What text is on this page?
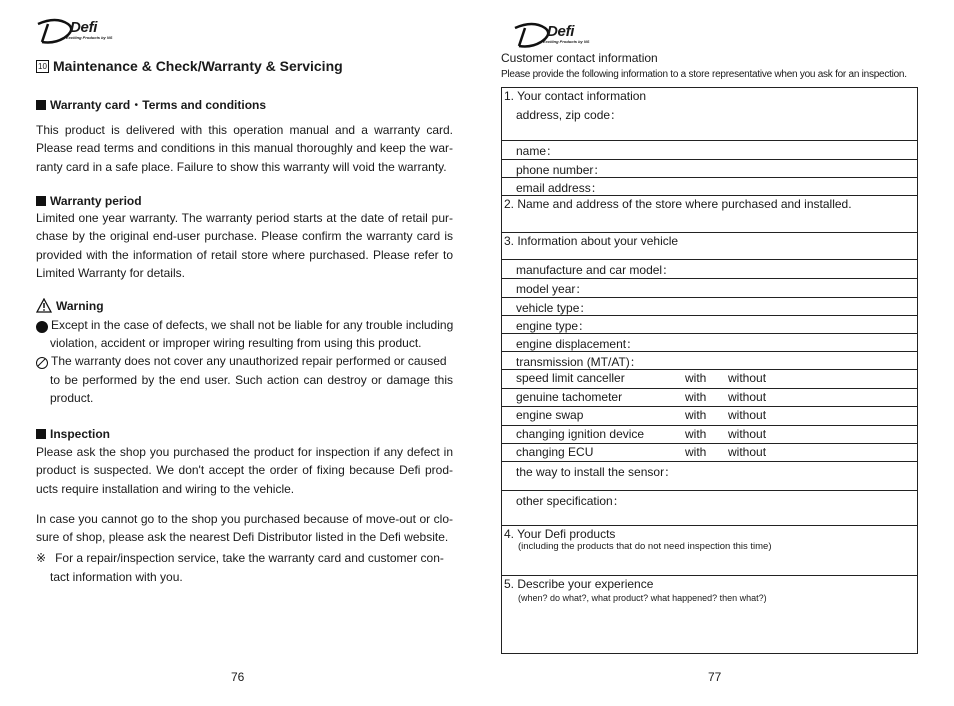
Defi
Exciting Products by NS
10 Maintenance & Check/Warranty & Servicing
Warranty card・Terms and conditions
This product is delivered with this operation manual and a warranty card. Please read terms and conditions in this manual thoroughly and keep the war-ranty card in a safe place. Failure to show this warranty will void the warranty.
Warranty period
Limited one year warranty. The warranty period starts at the date of retail pur-chase by the original end-user purchase. Please confirm the warranty card is provided with the information of retail store where purchased. Please refer to Limited Warranty for details.
Warning
Except in the case of defects, we shall not be liable for any trouble including
violation, accident or improper wiring resulting from using this product.
The warranty does not cover any unauthorized repair performed or caused
to be performed by the end user. Such action can destroy or damage this product.
Inspection
Please ask the shop you purchased the product for inspection if any defect in product is suspected. We don't accept the order of fixing because Defi prod-ucts require installation and wiring to the vehicle.
In case you cannot go to the shop you purchased because of move-out or clo-sure of shop, please ask the nearest Defi Distributor listed in the Defi website.
※ For a repair/inspection service, take the warranty card and customer con-
tact information with you.
76
Defi
Exciting Products by NS
Customer contact information
Please provide the following information to a store representative when you ask for an inspection.
1. Your contact information
address, zip code：
name：
phone number：
email address：
2. Name and address of the store where purchased and installed.
3. Information about your vehicle
manufacture and car model：
model year：
vehicle type：
engine type：
engine displacement：
transmission (MT/AT)：
speed limit canceller	with without
genuine tachometer	with without
engine swap	with without
changing ignition device	with without
changing ECU	with without
the way to install the sensor：
other specification：
4. Your Defi products
(including the products that do not need inspection this time)
5. Describe your experience
(when? do what?, what product? what happened? then what?)
77
